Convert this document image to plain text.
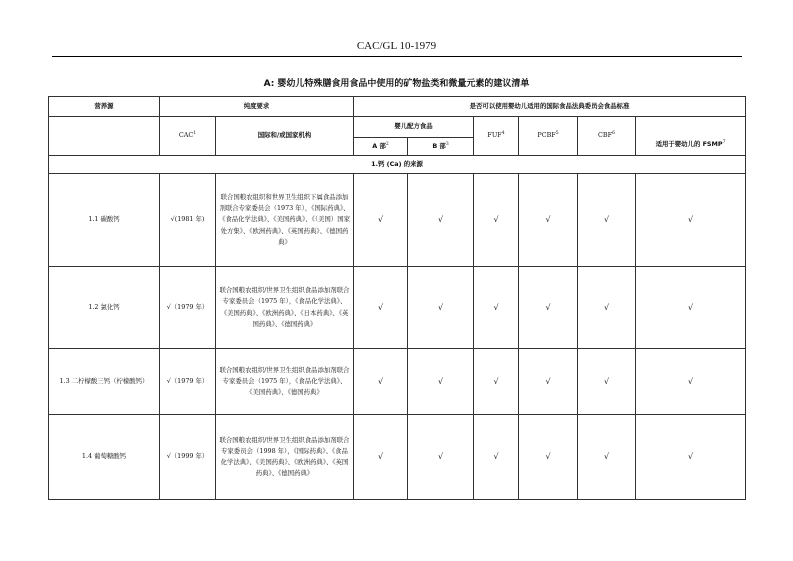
CAC/GL 10-1979
A: 婴幼儿特殊膳食用食品中使用的矿物盐类和微量元素的建议清单
营养源	纯度要求		是否可以使用婴幼儿适用的国际食品法典委员会食品标准					
	CAC$^1$	国际和/或国家机构	婴儿配方食品		FUF$^4$	PCBF$^5$	CBF$^6$	适用于婴幼儿的 FSMP$^7$
			A 部$^2$	B 部$^3$
1.钙 (Ca) 的来源								
1.1 碳酸钙	√(1981 年)	联合国粮农组织和世界卫生组织下属食品添加剂联合专家委员会（1973 年），《国际药典》、《食品化学法典》、《美国药典》、《（美国）国家处方集》、《欧洲药典》、《英国药典》、《德国药典》	√	√	√	√	√	√
1.2 氯化钙	√（1979 年）	联合国粮农组织/世界卫生组织食品添加剂联合专家委员会（1975 年），《食品化学法典》、《美国药典》、《欧洲药典》、《日本药典》、《英国药典》、《德国药典》	√	√	√	√	√	√
1.3 二柠檬酸三钙（柠檬酸钙）	√（1979 年）	联合国粮农组织/世界卫生组织食品添加剂联合专家委员会（1975 年），《食品化学法典》、《美国药典》、《德国药典》	√	√	√	√	√	√
1.4 葡萄糖酸钙	√（1999 年）	联合国粮农组织/世界卫生组织食品添加剂联合专家委员会（1998 年），《国际药典》、《食品化学法典》、《美国药典》、《欧洲药典》、《英国药典》、《德国药典》	√	√	√	√	√	√
